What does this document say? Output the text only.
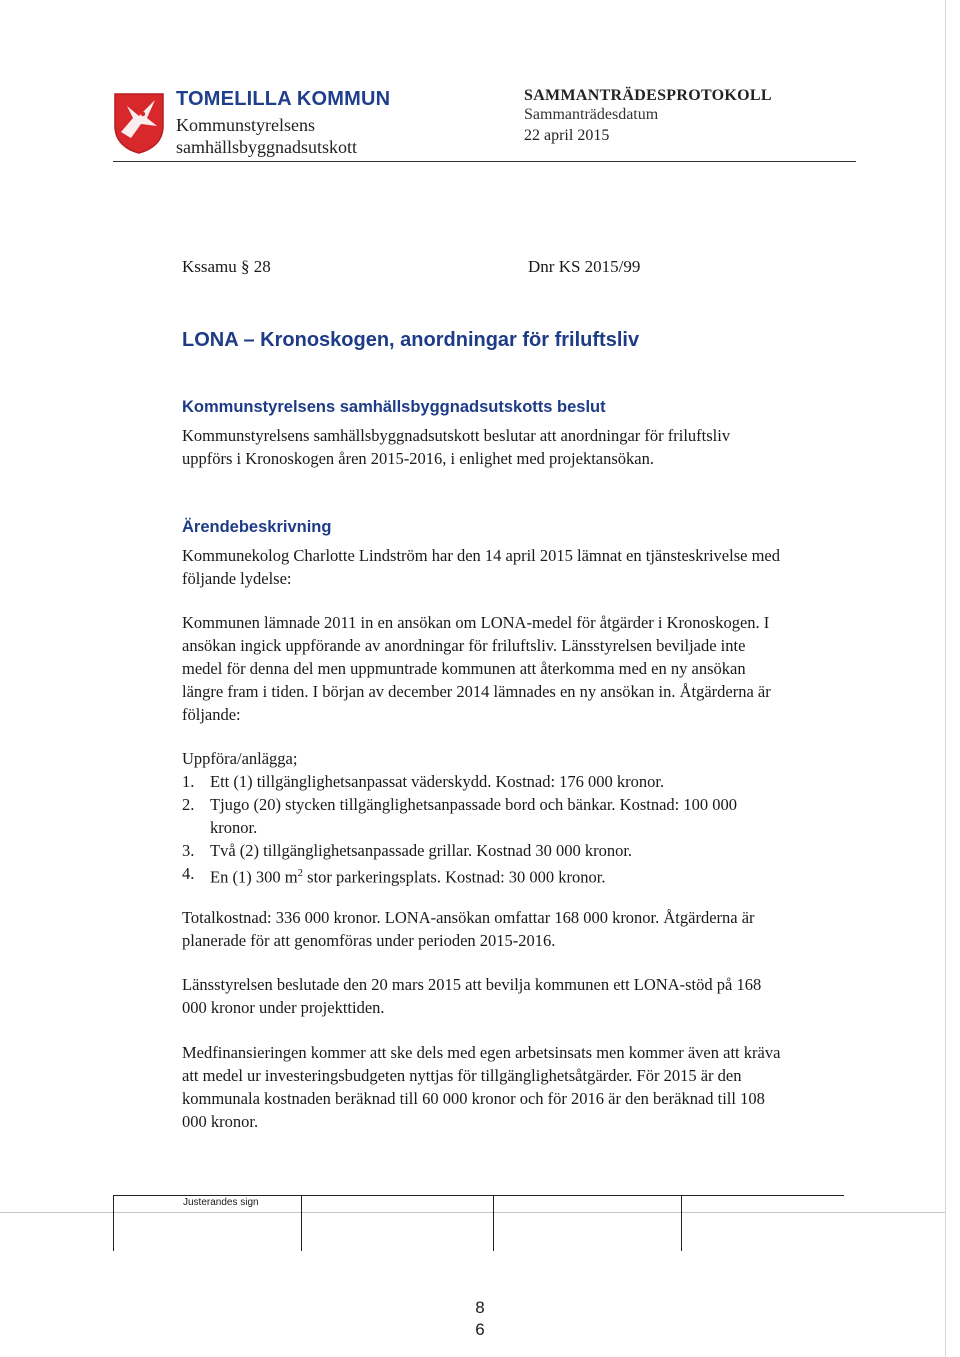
TOMELILLA KOMMUN
Kommunstyrelsens
samhällsbyggnadsutskott
SAMMANTRÄDESPROTOKOLL
Sammanträdesdatum
22 april 2015
Kssamu § 28	Dnr KS 2015/99
LONA – Kronoskogen, anordningar för friluftsliv
Kommunstyrelsens samhällsbyggnadsutskotts beslut
Kommunstyrelsens samhällsbyggnadsutskott beslutar att anordningar för friluftsliv uppförs i Kronoskogen åren 2015-2016, i enlighet med projektansökan.
Ärendebeskrivning
Kommunekolog Charlotte Lindström har den 14 april 2015 lämnat en tjänsteskrivelse med följande lydelse:
Kommunen lämnade 2011 in en ansökan om LONA-medel för åtgärder i Kronoskogen. I ansökan ingick uppförande av anordningar för friluftsliv. Länsstyrelsen beviljade inte medel för denna del men uppmuntrade kommunen att återkomma med en ny ansökan längre fram i tiden. I början av december 2014 lämnades en ny ansökan in. Åtgärderna är följande:
Uppföra/anlägga;
1. Ett (1) tillgänglighetsanpassat väderskydd. Kostnad: 176 000 kronor.
2. Tjugo (20) stycken tillgänglighetsanpassade bord och bänkar. Kostnad: 100 000 kronor.
3. Två (2) tillgänglighetsanpassade grillar. Kostnad 30 000 kronor.
4. En (1) 300 $m^2$ stor parkeringsplats. Kostnad: 30 000 kronor.
Totalkostnad: 336 000 kronor. LONA-ansökan omfattar 168 000 kronor. Åtgärderna är planerade för att genomföras under perioden 2015-2016.
Länsstyrelsen beslutade den 20 mars 2015 att bevilja kommunen ett LONA-stöd på 168 000 kronor under projekttiden.
Medfinansieringen kommer att ske dels med egen arbetsinsats men kommer även att kräva att medel ur investeringsbudgeten nyttjas för tillgänglighetsåtgärder. För 2015 är den kommunala kostnaden beräknad till 60 000 kronor och för 2016 är den beräknad till 108 000 kronor.
Justerandes sign
8
6
